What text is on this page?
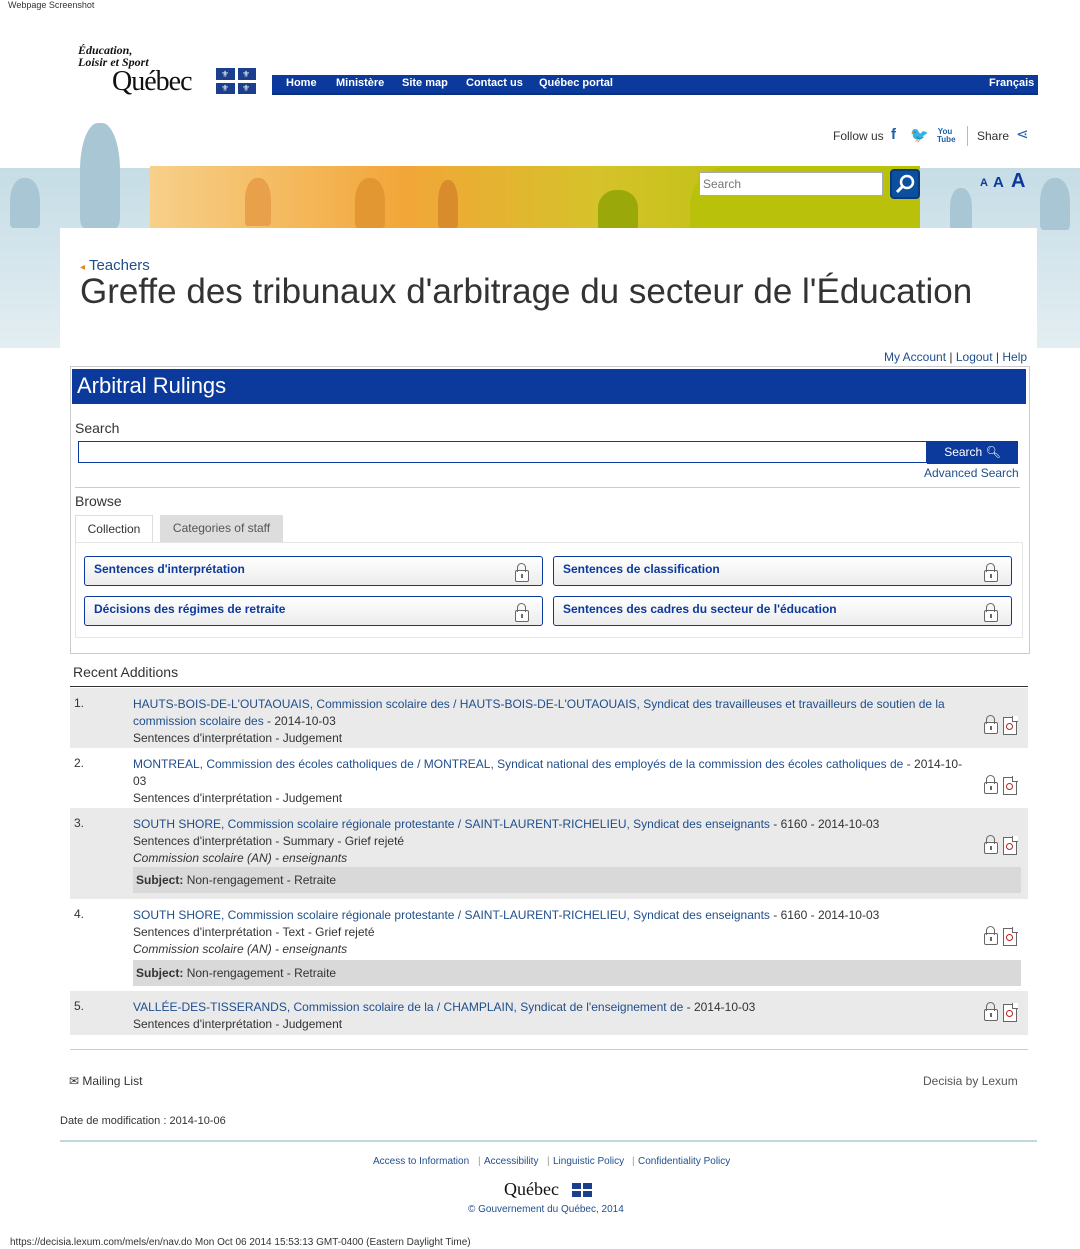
Webpage Screenshot
Éducation,
Loisir et Sport
Québec	⚜ ⚜
⚜ ⚜	Home Ministère Site map Contact us Québec portal	Français
Follow us f 🐦 You Tube Share ⋖
Search
A A A
◂ Teachers
Greffe des tribunaux d'arbitrage du secteur de l'Éducation
My Account | Logout | Help
Arbitral Rulings
Search
Search 🔍︎
Advanced Search
Browse
Collection	Categories of staff
Sentences d'interprétation	Sentences de classification
Décisions des régimes de retraite	Sentences des cadres du secteur de l'éducation
Recent Additions
1.	HAUTS-BOIS-DE-L'OUTAOUAIS, Commission scolaire des / HAUTS-BOIS-DE-L'OUTAOUAIS, Syndicat des travailleuses et travailleurs de soutien de la commission scolaire des - 2014-10-03
Sentences d'interprétation - Judgement
2.	MONTREAL, Commission des écoles catholiques de / MONTREAL, Syndicat national des employés de la commission des écoles catholiques de - 2014-10-03
Sentences d'interprétation - Judgement
3.	SOUTH SHORE, Commission scolaire régionale protestante / SAINT-LAURENT-RICHELIEU, Syndicat des enseignants - 6160 - 2014-10-03
Sentences d'interprétation - Summary - Grief rejeté
Commission scolaire (AN) - enseignants
Subject: Non-rengagement - Retraite
4.	SOUTH SHORE, Commission scolaire régionale protestante / SAINT-LAURENT-RICHELIEU, Syndicat des enseignants - 6160 - 2014-10-03
Sentences d'interprétation - Text - Grief rejeté
Commission scolaire (AN) - enseignants
Subject: Non-rengagement - Retraite
5.	VALLÉE-DES-TISSERANDS, Commission scolaire de la / CHAMPLAIN, Syndicat de l'enseignement de - 2014-10-03
Sentences d'interprétation - Judgement
✉ Mailing List	Decisia by Lexum
Date de modification : 2014-10-06
Access to Information | Accessibility | Linguistic Policy | Confidentiality Policy
Québec
© Gouvernement du Québec, 2014
https://decisia.lexum.com/mels/en/nav.do Mon Oct 06 2014 15:53:13 GMT-0400 (Eastern Daylight Time)
